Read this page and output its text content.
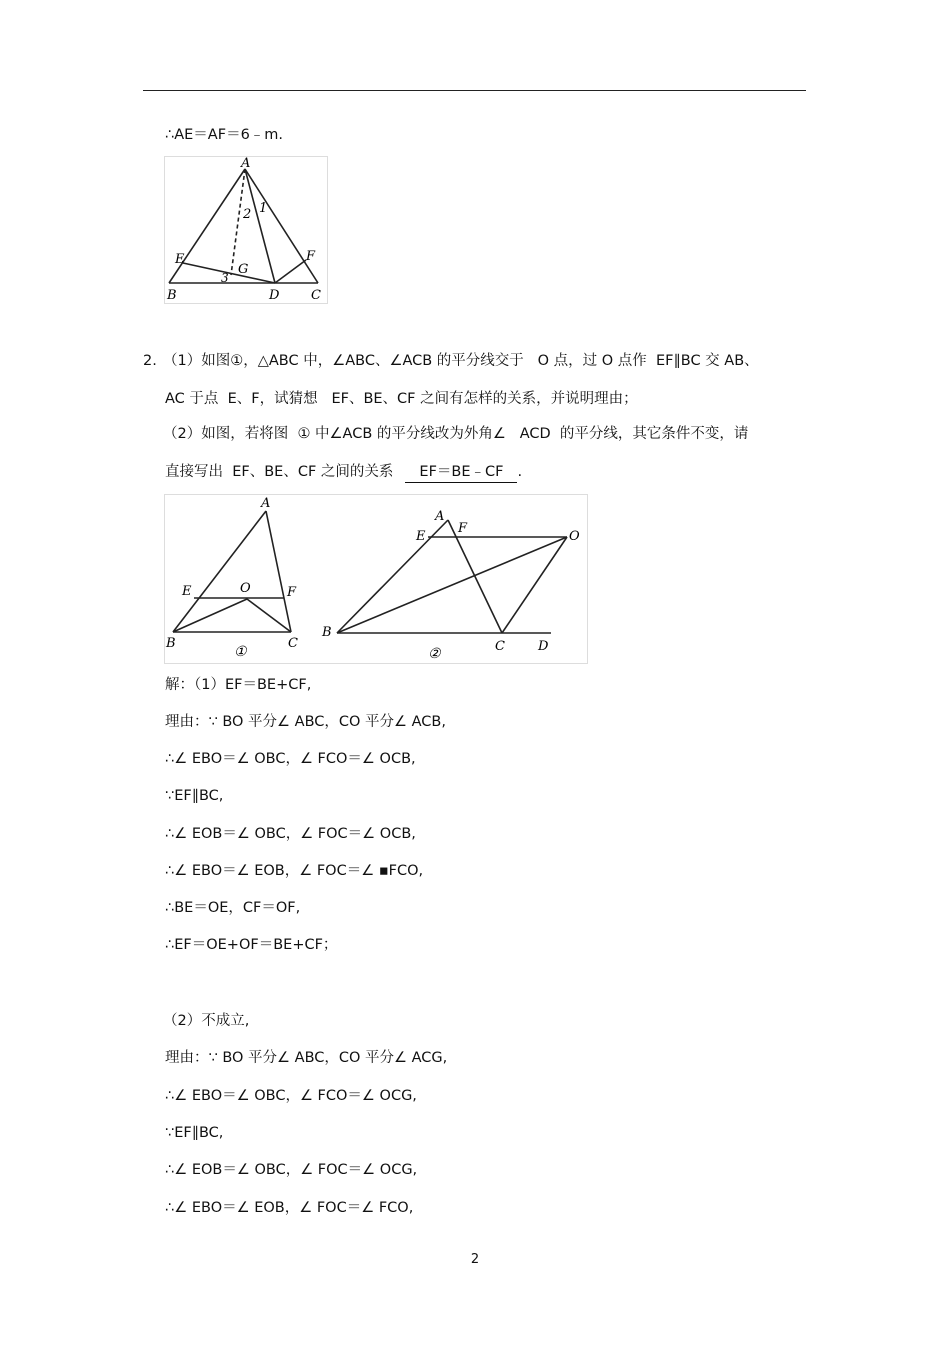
∴AE＝AF＝6﹣m.
A
1
2
E	F
G
3
B	D C
2. （1）如图①，△ABC 中，∠ABC、∠ACB 的平分线交于   O 点，过 O 点作  EF∥BC 交 AB、
AC 于点  E、F，试猜想   EF、BE、CF 之间有怎样的关系，并说明理由；
（2）如图，若将图  ① 中∠ACB 的平分线改为外角∠   ACD  的平分线，其它条件不变，请
直接写出  EF、BE、CF 之间的关系 EF＝BE﹣CF .
A
E	O	F
B	C
①
A
F
E	O
B
C	D
②
解：（1）EF＝BE+CF,
理由：∵ BO 平分∠ ABC，CO 平分∠ ACB,
∴∠ EBO＝∠ OBC，∠ FCO＝∠ OCB,
∵EF∥BC,
∴∠ EOB＝∠ OBC，∠ FOC＝∠ OCB,
∴∠ EBO＝∠ EOB，∠ FOC＝∠ ▪FCO,
∴BE＝OE，CF＝OF,
∴EF＝OE+OF＝BE+CF；
（2）不成立,
理由：∵ BO 平分∠ ABC，CO 平分∠ ACG,
∴∠ EBO＝∠ OBC，∠ FCO＝∠ OCG,
∵EF∥BC,
∴∠ EOB＝∠ OBC，∠ FOC＝∠ OCG,
∴∠ EBO＝∠ EOB，∠ FOC＝∠ FCO,
2
